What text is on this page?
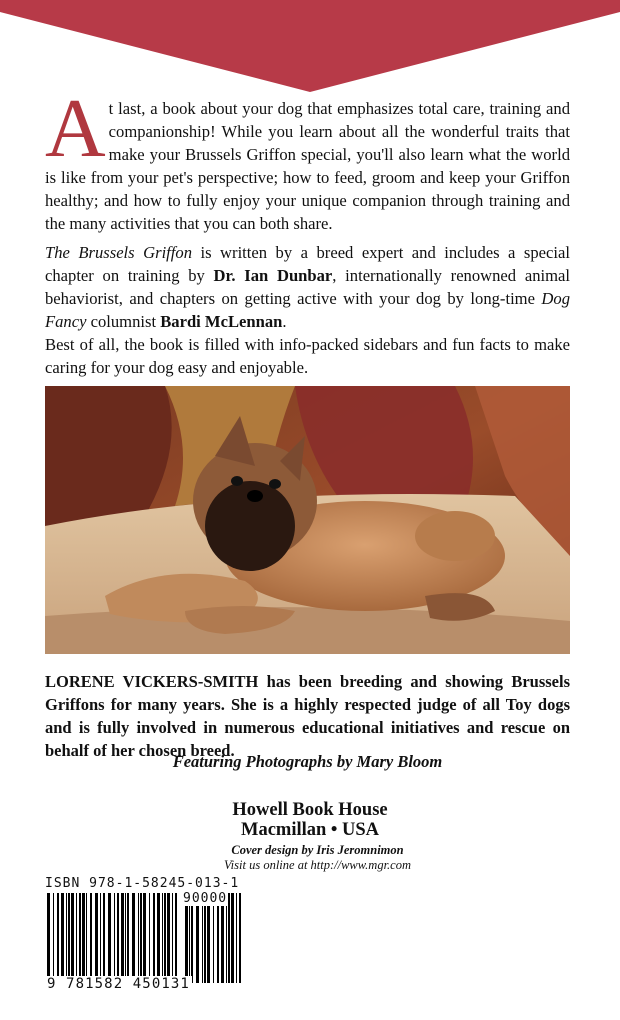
At last, a book about your dog that emphasizes total care, training and companionship! While you learn about all the wonderful traits that make your Brussels Griffon special, you'll also learn what the world is like from your pet's perspective; how to feed, groom and keep your Griffon healthy; and how to fully enjoy your unique companion through training and the many activities that you can both share.

The Brussels Griffon is written by a breed expert and includes a special chapter on training by Dr. Ian Dunbar, internationally renowned animal behaviorist, and chapters on getting active with your dog by long-time Dog Fancy columnist Bardi McLennan.

Best of all, the book is filled with info-packed sidebars and fun facts to make caring for your dog easy and enjoyable.

LORENE VICKERS-SMITH has been breeding and showing Brussels Griffons for many years. She is a highly respected judge of all Toy dogs and is fully involved in numerous educational initiatives and rescue on behalf of her chosen breed.

Featuring Photographs by Mary Bloom
Howell Book House
Macmillan • USA
Cover design by Iris Jeromnimon
Visit us online at http://www.mgr.com
ISBN 978-1-58245-013-1
90000
9 781582 450131
